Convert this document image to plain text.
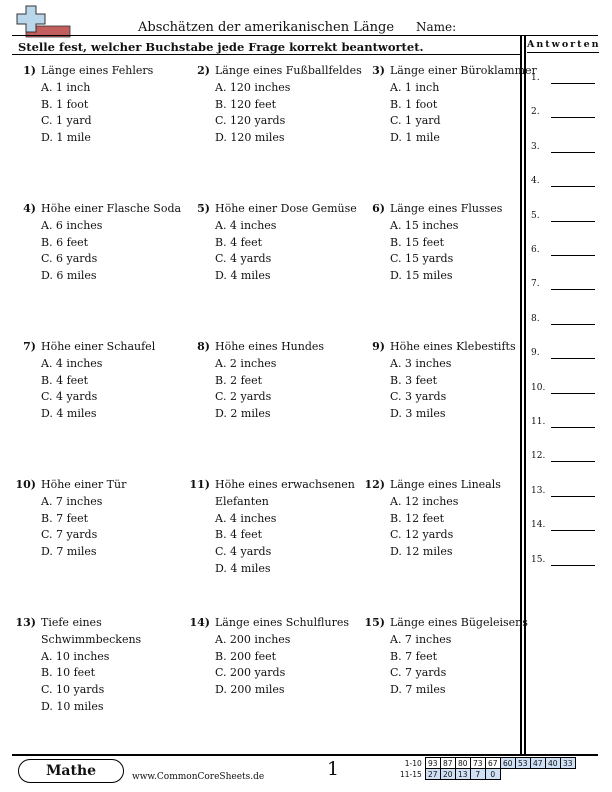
Abschätzen der amerikanischen Länge Name:
Stelle fest, welcher Buchstabe jede Frage korrekt beantwortet.	Antworten
1.
2.
3.
4.
5.
6.
7.
8.
9.
10.
11.
12.
13.
14.
15.
1) Länge eines Fehlers
A. 1 inch
B. 1 foot
C. 1 yard
D. 1 mile
2) Länge eines Fußballfeldes
A. 120 inches
B. 120 feet
C. 120 yards
D. 120 miles
3) Länge einer Büroklammer
A. 1 inch
B. 1 foot
C. 1 yard
D. 1 mile
4) Höhe einer Flasche Soda
A. 6 inches
B. 6 feet
C. 6 yards
D. 6 miles
5) Höhe einer Dose Gemüse
A. 4 inches
B. 4 feet
C. 4 yards
D. 4 miles
6) Länge eines Flusses
A. 15 inches
B. 15 feet
C. 15 yards
D. 15 miles
7) Höhe einer Schaufel
A. 4 inches
B. 4 feet
C. 4 yards
D. 4 miles
8) Höhe eines Hundes
A. 2 inches
B. 2 feet
C. 2 yards
D. 2 miles
9) Höhe eines Klebestifts
A. 3 inches
B. 3 feet
C. 3 yards
D. 3 miles
10) Höhe einer Tür
A. 7 inches
B. 7 feet
C. 7 yards
D. 7 miles
11) Höhe eines erwachsenen Elefanten
A. 4 inches
B. 4 feet
C. 4 yards
D. 4 miles
12) Länge eines Lineals
A. 12 inches
B. 12 feet
C. 12 yards
D. 12 miles
13) Tiefe eines Schwimmbeckens
A. 10 inches
B. 10 feet
C. 10 yards
D. 10 miles
14) Länge eines Schulflures
A. 200 inches
B. 200 feet
C. 200 yards
D. 200 miles
15) Länge eines Bügeleisens
A. 7 inches
B. 7 feet
C. 7 yards
D. 7 miles
Mathe	www.CommonCoreSheets.de	1	1-10	93	87	80	73	67	60	53	47	40	33
11-15	27	20	13	7	0					
